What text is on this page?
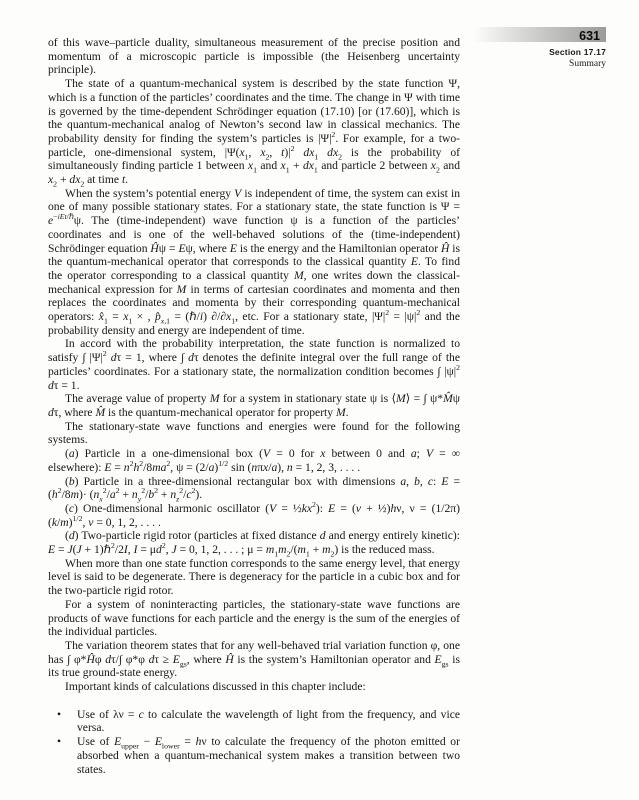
631
Section 17.17
Summary

of this wave–particle duality, simultaneous measurement of the precise position and momentum of a microscopic particle is impossible (the Heisenberg uncertainty principle).

The state of a quantum-mechanical system is described by the state function Ψ, which is a function of the particles’ coordinates and the time. The change in Ψ with time is governed by the time-dependent Schrödinger equation (17.10) [or (17.60)], which is the quantum-mechanical analog of Newton’s second law in classical mechanics. The probability density for finding the system’s particles is $|\Psi|^2$. For example, for a two-particle, one-dimensional system, $|\Psi(x_1$, $x_2$, $t)|^2$ $dx_1$ $dx_2$ is the probability of simultaneously finding particle 1 between $x_1$ and $x_1 + dx_1$ and particle 2 between $x_2$ and $x_2 + dx_2$ at time t.

When the system’s potential energy V is independent of time, the system can exist in one of many possible stationary states. For a stationary state, the state function is $\Psi = e^{-iEt/\hbar}\psi$. The (time-independent) wave function ψ is a function of the particles’ coordinates and is one of the well-behaved solutions of the (time-independent) Schrödinger equation Ĥψ = Eψ, where E is the energy and the Hamiltonian operator Ĥ is the quantum-mechanical operator that corresponds to the classical quantity E. To find the operator corresponding to a classical quantity M, one writes down the classical-mechanical expression for M in terms of cartesian coordinates and momenta and then replaces the coordinates and momenta by their corresponding quantum-mechanical operators: $x̂_1 = x_1$ × , $p̂_{x,1}$ = (ℏ/i) $\partial/\partial x_1$, etc. For a stationary state, $|\Psi|^2 = |\psi|^2$ and the probability density and energy are independent of time.

In accord with the probability interpretation, the state function is normalized to satisfy ∫ $|\Psi|^2$ dτ = 1, where ∫ dτ denotes the definite integral over the full range of the particles’ coordinates. For a stationary state, the normalization condition becomes ∫ $|\psi|^2$ dτ = 1.

The average value of property M for a system in stationary state ψ is ⟨M⟩ = ∫ ψ*M̂ψ dτ, where M̂ is the quantum-mechanical operator for property M.

The stationary-state wave functions and energies were found for the following systems.

(a) Particle in a one-dimensional box (V = 0 for x between 0 and a; V = ∞ elsewhere): $E = n^2h^2/8ma^2$, $\psi = (2/a)^{1/2}$ sin (nπx/a), n = 1, 2, 3, . . . .

(b) Particle in a three-dimensional rectangular box with dimensions a, b, c: $E = (h^2/8m)\cdot (n_x^2/a^2 + n_y^2/b^2 + n_z^2/c^2)$.

(c) One-dimensional harmonic oscillator $(V = \frac{1}{2}kx^2)$: E = (v + ½)hν, $\nu = (1/2\pi)(k/m)^{1/2}$, v = 0, 1, 2, . . . .

(d) Two-particle rigid rotor (particles at fixed distance d and energy entirely kinetic): E = J(J + 1)ℏ$^2$/2I, $I = \mu d^2$, J = 0, 1, 2, . . . ; $\mu = m_1m_2/(m_1 + m_2)$ is the reduced mass.

When more than one state function corresponds to the same energy level, that energy level is said to be degenerate. There is degeneracy for the particle in a cubic box and for the two-particle rigid rotor.

For a system of noninteracting particles, the stationary-state wave functions are products of wave functions for each particle and the energy is the sum of the energies of the individual particles.

The variation theorem states that for any well-behaved trial variation function φ, one has ∫ φ*Ĥφ dτ/∫ φ*φ $d\tau \ge E_{gs}$, where Ĥ is the system’s Hamiltonian operator and $E_{gs}$ is its true ground-state energy.

Important kinds of calculations discussed in this chapter include:

•	Use of λν = c to calculate the wavelength of light from the frequency, and vice versa.
•	Use of $E_{upper} - E_{lower} = h\nu$ to calculate the frequency of the photon emitted or absorbed when a quantum-mechanical system makes a transition between two states.
